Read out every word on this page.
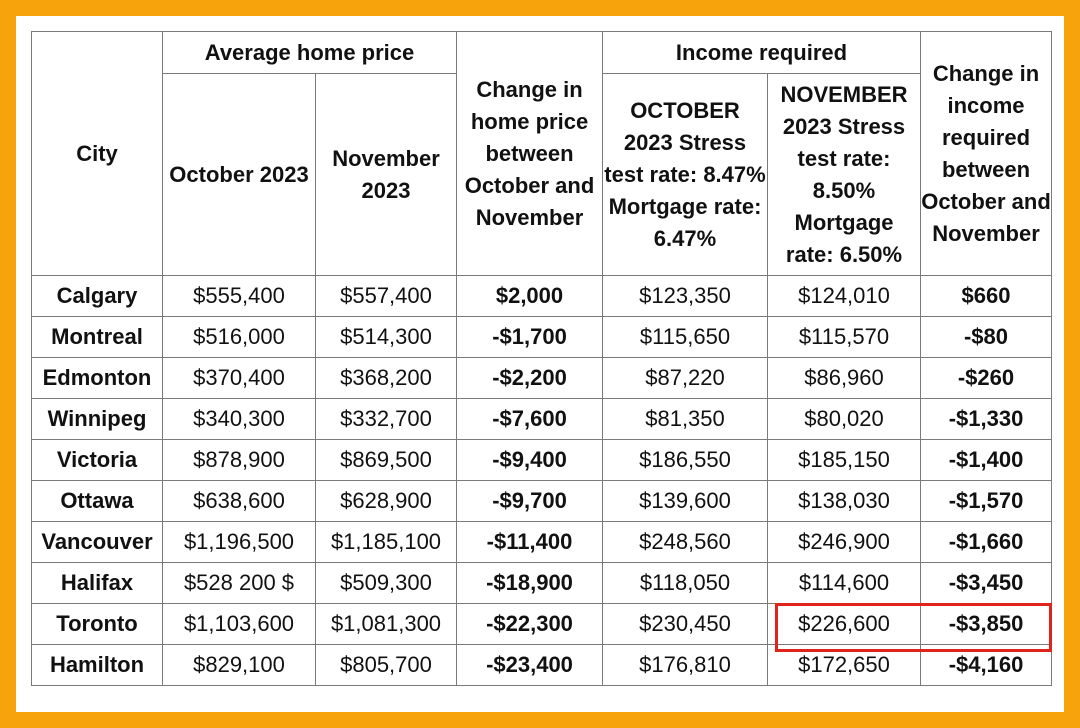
City	Average home price		Change in home price between October and November	Income required		Change in income required between October and November
	October 2023	November 2023		OCTOBER 2023 Stress test rate: 8.47% Mortgage rate: 6.47%	NOVEMBER 2023 Stress test rate: 8.50% Mortgage rate: 6.50%	
Calgary	$555,400	$557,400	$2,000	$123,350	$124,010	$660
Montreal	$516,000	$514,300	-$1,700	$115,650	$115,570	-$80
Edmonton	$370,400	$368,200	-$2,200	$87,220	$86,960	-$260
Winnipeg	$340,300	$332,700	-$7,600	$81,350	$80,020	-$1,330
Victoria	$878,900	$869,500	-$9,400	$186,550	$185,150	-$1,400
Ottawa	$638,600	$628,900	-$9,700	$139,600	$138,030	-$1,570
Vancouver	$1,196,500	$1,185,100	-$11,400	$248,560	$246,900	-$1,660
Halifax	$528 200 $	$509,300	-$18,900	$118,050	$114,600	-$3,450
Toronto	$1,103,600	$1,081,300	-$22,300	$230,450	$226,600	-$3,850
Hamilton	$829,100	$805,700	-$23,400	$176,810	$172,650	-$4,160
